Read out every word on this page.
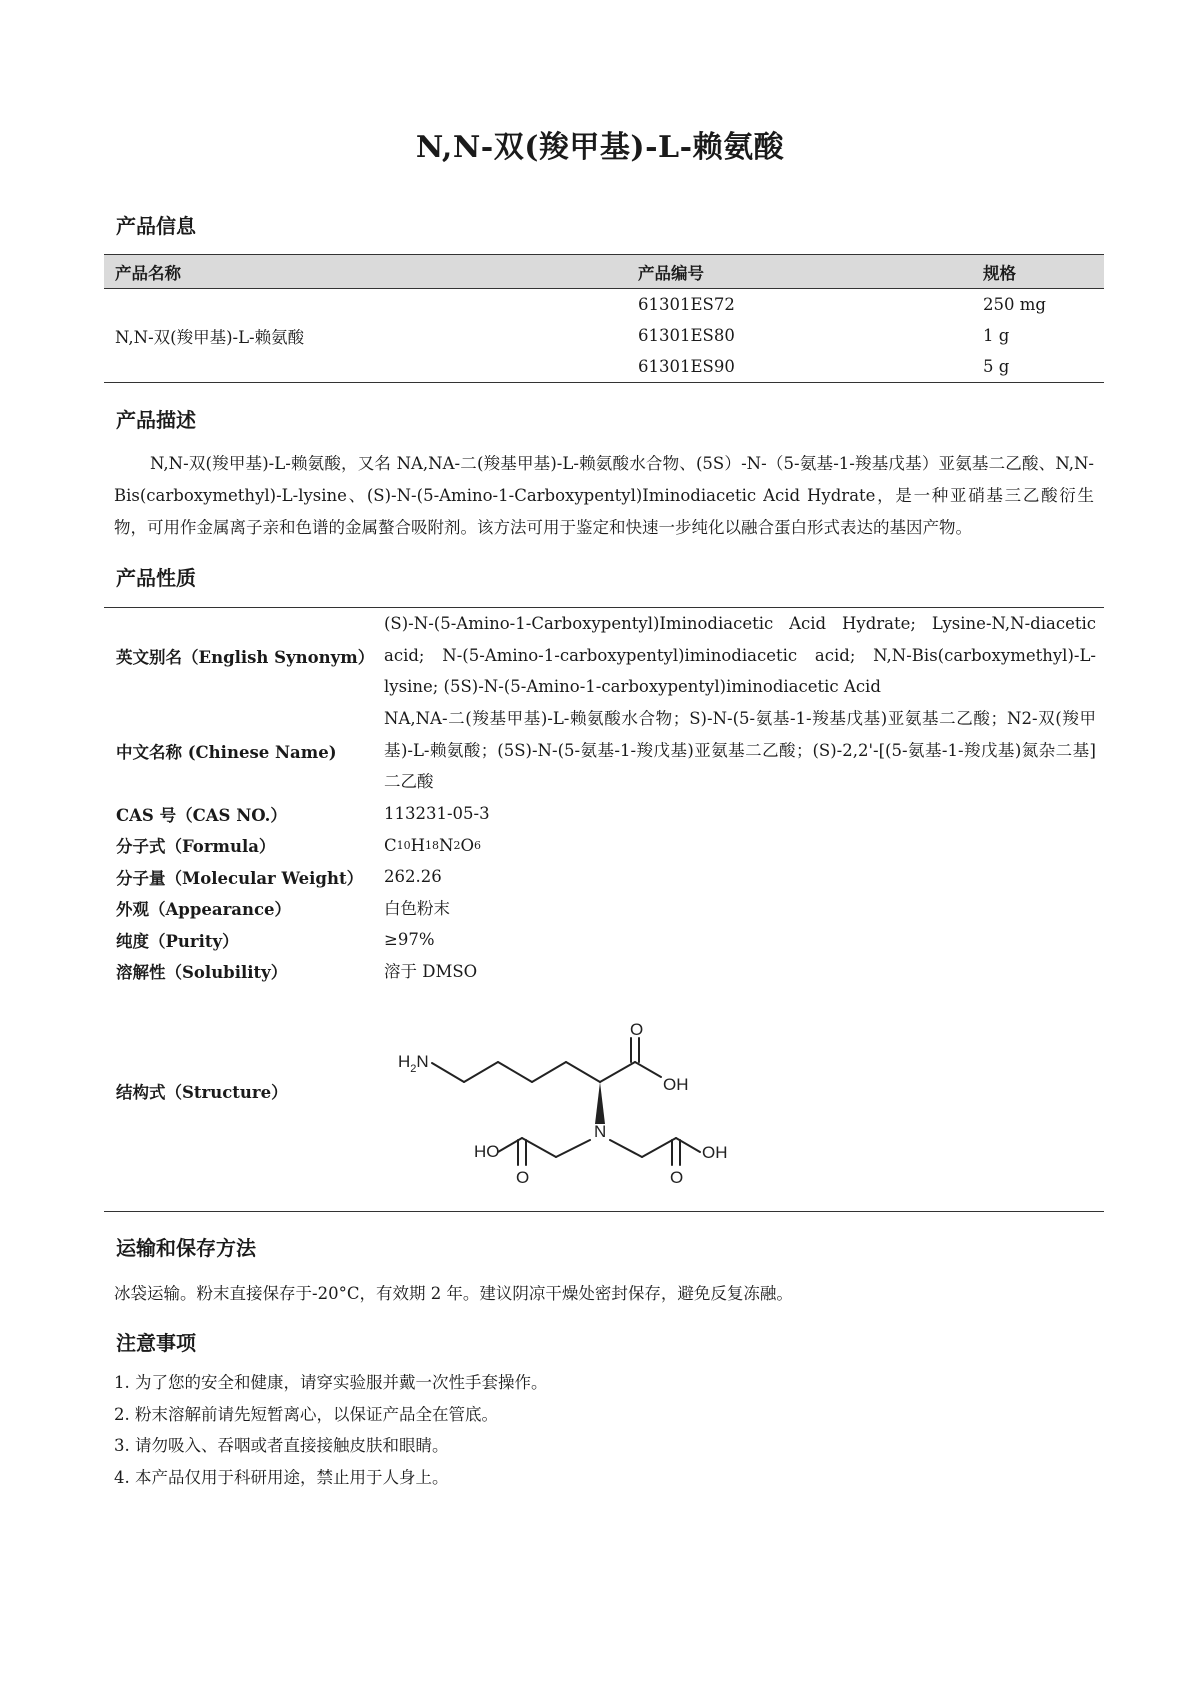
N,N-双(羧甲基)-L-赖氨酸
产品信息
产品名称	产品编号	规格
N,N-双(羧甲基)-L-赖氨酸	61301ES72	250 mg
	61301ES80	1 g
	61301ES90	5 g
产品描述

N,N-双(羧甲基)-L-赖氨酸，又名 NA,NA-二(羧基甲基)-L-赖氨酸水合物、(5S）-N-（5-氨基-1-羧基戊基）亚氨基二乙酸、N,N-Bis(carboxymethyl)-L-lysine、(S)-N-(5-Amino-1-Carboxypentyl)Iminodiacetic Acid Hydrate，是一种亚硝基三乙酸衍生物，可用作金属离子亲和色谱的金属螯合吸附剂。该方法可用于鉴定和快速一步纯化以融合蛋白形式表达的基因产物。

产品性质
英文别名（English Synonym）
(S)-N-(5-Amino-1-Carboxypentyl)Iminodiacetic Acid Hydrate; Lysine-N,N-diacetic acid; N-(5-Amino-1-carboxypentyl)iminodiacetic acid; N,N-Bis(carboxymethyl)-L-lysine; (5S)-N-(5-Amino-1-carboxypentyl)iminodiacetic Acid
中文名称 (Chinese Name)
NA,NA-二(羧基甲基)-L-赖氨酸水合物；S)-N-(5-氨基-1-羧基戊基)亚氨基二乙酸；N2-双(羧甲基)-L-赖氨酸；(5S)-N-(5-氨基-1-羧戊基)亚氨基二乙酸；(S)-2,2'-[(5-氨基-1-羧戊基)氮杂二基]二乙酸
CAS 号（CAS NO.）	113231-05-3
分子式（Formula）	C 10 H 18 N 2 O 6
分子量（Molecular Weight）	262.26
外观（Appearance）	白色粉末
纯度（Purity）	≥97%
溶解性（Solubility）	溶于 DMSO
结构式（Structure）
O
OH
$H_2N$
N
HO
O	O
OH
运输和保存方法

冰袋运输。粉末直接保存于-20°C，有效期 2 年。建议阴凉干燥处密封保存，避免反复冻融。

注意事项
1. 为了您的安全和健康，请穿实验服并戴一次性手套操作。
2. 粉末溶解前请先短暂离心，以保证产品全在管底。
3. 请勿吸入、吞咽或者直接接触皮肤和眼睛。
4. 本产品仅用于科研用途，禁止用于人身上。
